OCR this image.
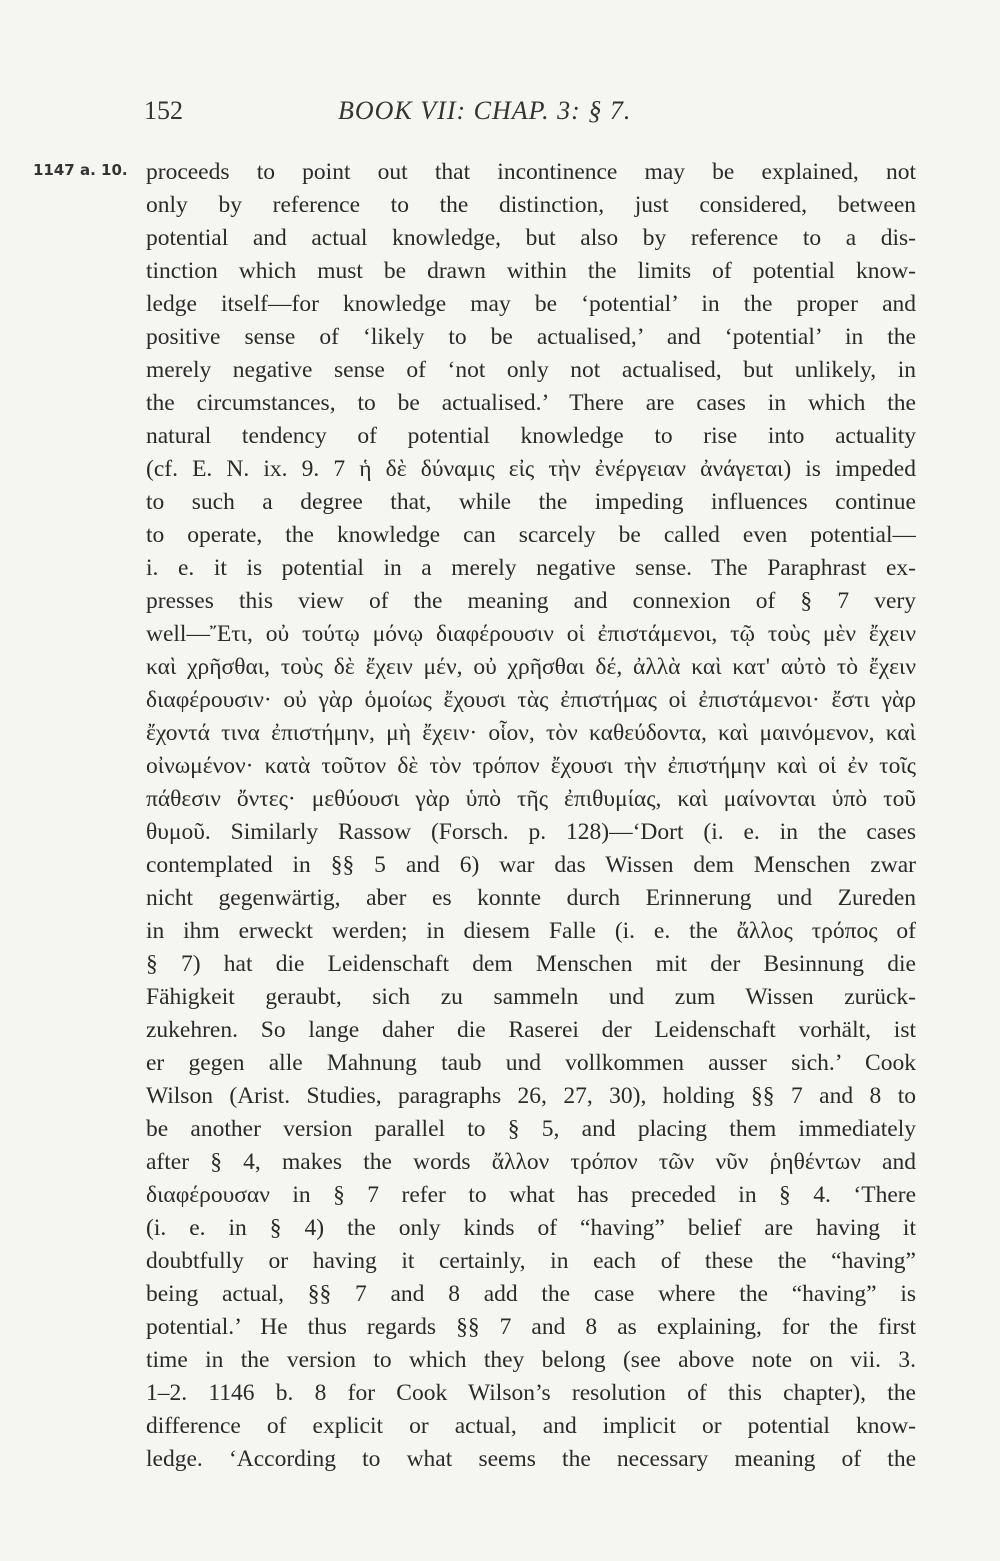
152	BOOK VII: CHAP. 3: § 7.
1147 a. 10. proceeds to point out that incontinence may be explained, not
only by reference to the distinction, just considered, between
potential and actual knowledge, but also by reference to a dis-
tinction which must be drawn within the limits of potential know-
ledge itself—for knowledge may be ‘potential’ in the proper and
positive sense of ‘likely to be actualised,’ and ‘potential’ in the
merely negative sense of ‘not only not actualised, but unlikely, in
the circumstances, to be actualised.’ There are cases in which the
natural tendency of potential knowledge to rise into actuality
(cf. E. N. ix. 9. 7 ἡ δὲ δύναμις εἰς τὴν ἐνέργειαν ἀνάγεται) is impeded
to such a degree that, while the impeding influences continue
to operate, the knowledge can scarcely be called even potential—
i. e. it is potential in a merely negative sense. The Paraphrast ex-
presses this view of the meaning and connexion of § 7 very
well—Ἔτι, οὐ τούτῳ μόνῳ διαφέρουσιν οἱ ἐπιστάμενοι, τῷ τοὺς μὲν ἔχειν
καὶ χρῆσθαι, τοὺς δὲ ἔχειν μέν, οὐ χρῆσθαι δέ, ἀλλὰ καὶ κατ' αὐτὸ τὸ ἔχειν
διαφέρουσιν· οὐ γὰρ ὁμοίως ἔχουσι τὰς ἐπιστήμας οἱ ἐπιστάμενοι· ἔστι γὰρ
ἔχοντά τινα ἐπιστήμην, μὴ ἔχειν· οἷον, τὸν καθεύδοντα, καὶ μαινόμενον, καὶ
οἰνωμένον· κατὰ τοῦτον δὲ τὸν τρόπον ἔχουσι τὴν ἐπιστήμην καὶ οἱ ἐν τοῖς
πάθεσιν ὄντες· μεθύουσι γὰρ ὑπὸ τῆς ἐπιθυμίας, καὶ μαίνονται ὑπὸ τοῦ
θυμοῦ. Similarly Rassow (Forsch. p. 128)—‘Dort (i. e. in the cases
contemplated in §§ 5 and 6) war das Wissen dem Menschen zwar
nicht gegenwärtig, aber es konnte durch Erinnerung und Zureden
in ihm erweckt werden; in diesem Falle (i. e. the ἄλλος τρόπος of
§ 7) hat die Leidenschaft dem Menschen mit der Besinnung die
Fähigkeit geraubt, sich zu sammeln und zum Wissen zurück-
zukehren. So lange daher die Raserei der Leidenschaft vorhält, ist
er gegen alle Mahnung taub und vollkommen ausser sich.’ Cook
Wilson (Arist. Studies, paragraphs 26, 27, 30), holding §§ 7 and 8 to
be another version parallel to § 5, and placing them immediately
after § 4, makes the words ἄλλον τρόπον τῶν νῦν ῥηθέντων and
διαφέρουσαν in § 7 refer to what has preceded in § 4. ‘There
(i. e. in § 4) the only kinds of “having” belief are having it
doubtfully or having it certainly, in each of these the “having”
being actual, §§ 7 and 8 add the case where the “having” is
potential.’ He thus regards §§ 7 and 8 as explaining, for the first
time in the version to which they belong (see above note on vii. 3.
1–2. 1146 b. 8 for Cook Wilson’s resolution of this chapter), the
difference of explicit or actual, and implicit or potential know-
ledge. ‘According to what seems the necessary meaning of the
